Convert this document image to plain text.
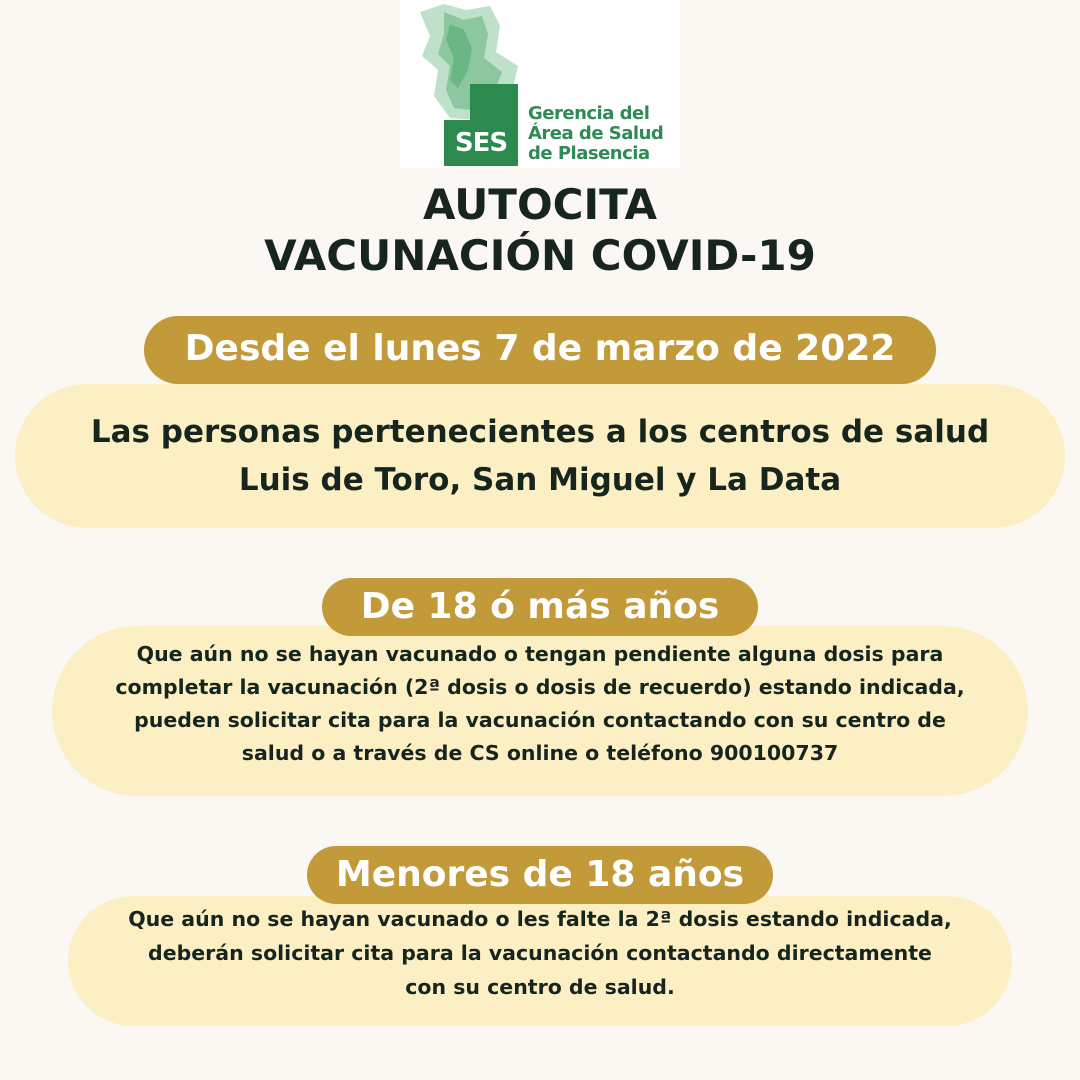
SES
Gerencia del
Área de Salud
de Plasencia
AUTOCITA
VACUNACIÓN COVID-19
Desde el lunes 7 de marzo de 2022
Las personas pertenecientes a los centros de salud
Luis de Toro, San Miguel y La Data
Que aún no se hayan vacunado o tengan pendiente alguna dosis para
completar la vacunación (2ª dosis o dosis de recuerdo) estando indicada,
pueden solicitar cita para la vacunación contactando con su centro de
salud o a través de CS online o teléfono 900100737
De 18 ó más años
Que aún no se hayan vacunado o les falte la 2ª dosis estando indicada,
deberán solicitar cita para la vacunación contactando directamente
con su centro de salud.
Menores de 18 años
